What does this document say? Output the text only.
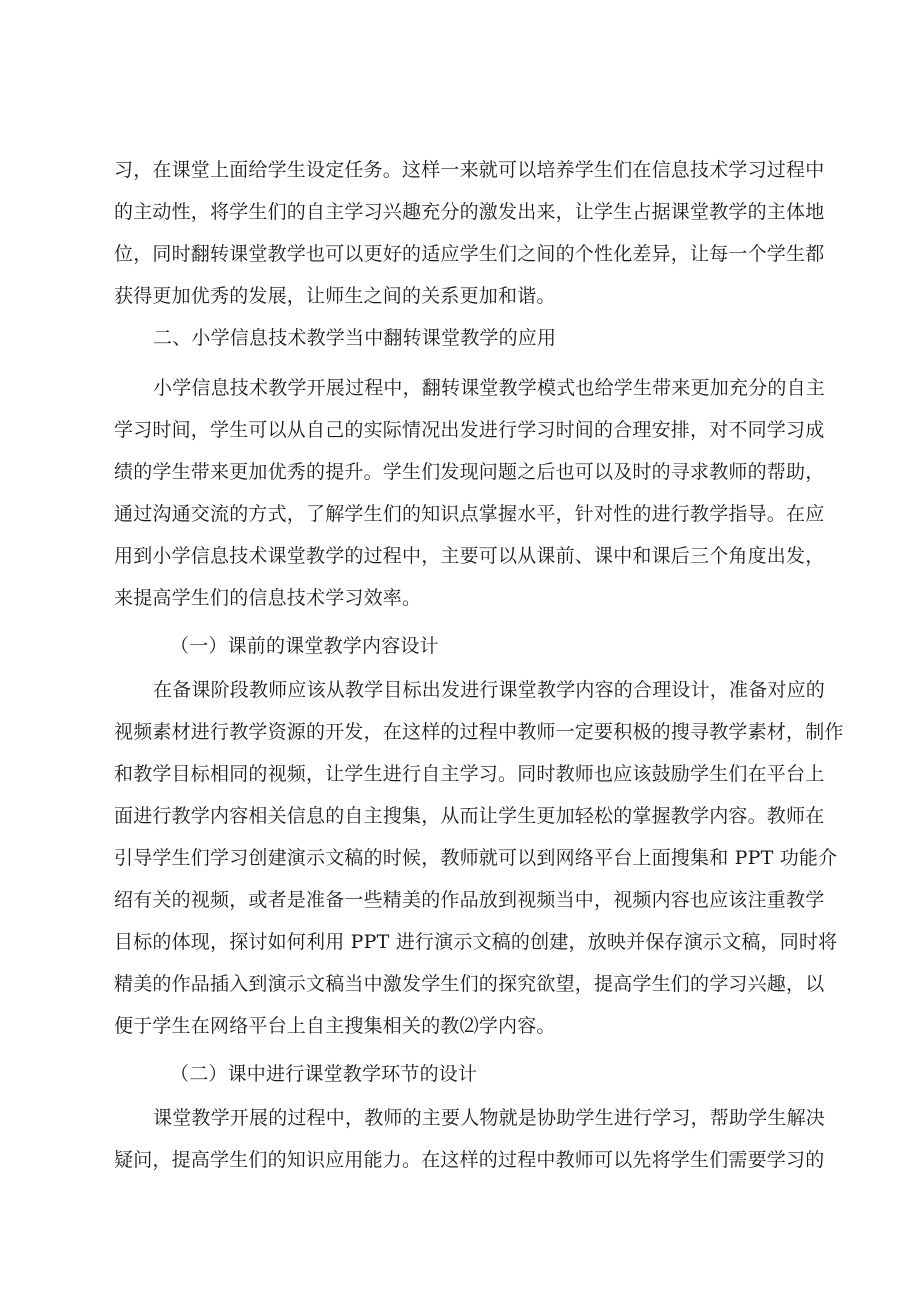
习，在课堂上面给学生设定任务。这样一来就可以培养学生们在信息技术学习过程中
的主动性，将学生们的自主学习兴趣充分的激发出来，让学生占据课堂教学的主体地
位，同时翻转课堂教学也可以更好的适应学生们之间的个性化差异，让每一个学生都
获得更加优秀的发展，让师生之间的关系更加和谐。
二、小学信息技术教学当中翻转课堂教学的应用
小学信息技术教学开展过程中，翻转课堂教学模式也给学生带来更加充分的自主
学习时间，学生可以从自己的实际情况出发进行学习时间的合理安排，对不同学习成
绩的学生带来更加优秀的提升。学生们发现问题之后也可以及时的寻求教师的帮助，
通过沟通交流的方式，了解学生们的知识点掌握水平，针对性的进行教学指导。在应
用到小学信息技术课堂教学的过程中，主要可以从课前、课中和课后三个角度出发，
来提高学生们的信息技术学习效率。
（一）课前的课堂教学内容设计
在备课阶段教师应该从教学目标出发进行课堂教学内容的合理设计，准备对应的
视频素材进行教学资源的开发，在这样的过程中教师一定要积极的搜寻教学素材，制作
和教学目标相同的视频，让学生进行自主学习。同时教师也应该鼓励学生们在平台上
面进行教学内容相关信息的自主搜集，从而让学生更加轻松的掌握教学内容。教师在
引导学生们学习创建演示文稿的时候，教师就可以到网络平台上面搜集和 PPT 功能介
绍有关的视频，或者是准备一些精美的作品放到视频当中，视频内容也应该注重教学
目标的体现，探讨如何利用 PPT 进行演示文稿的创建，放映并保存演示文稿，同时将
精美的作品插入到演示文稿当中激发学生们的探究欲望，提高学生们的学习兴趣，以
便于学生在网络平台上自主搜集相关的教⑵学内容。
（二）课中进行课堂教学环节的设计
课堂教学开展的过程中，教师的主要人物就是协助学生进行学习，帮助学生解决
疑问，提高学生们的知识应用能力。在这样的过程中教师可以先将学生们需要学习的
